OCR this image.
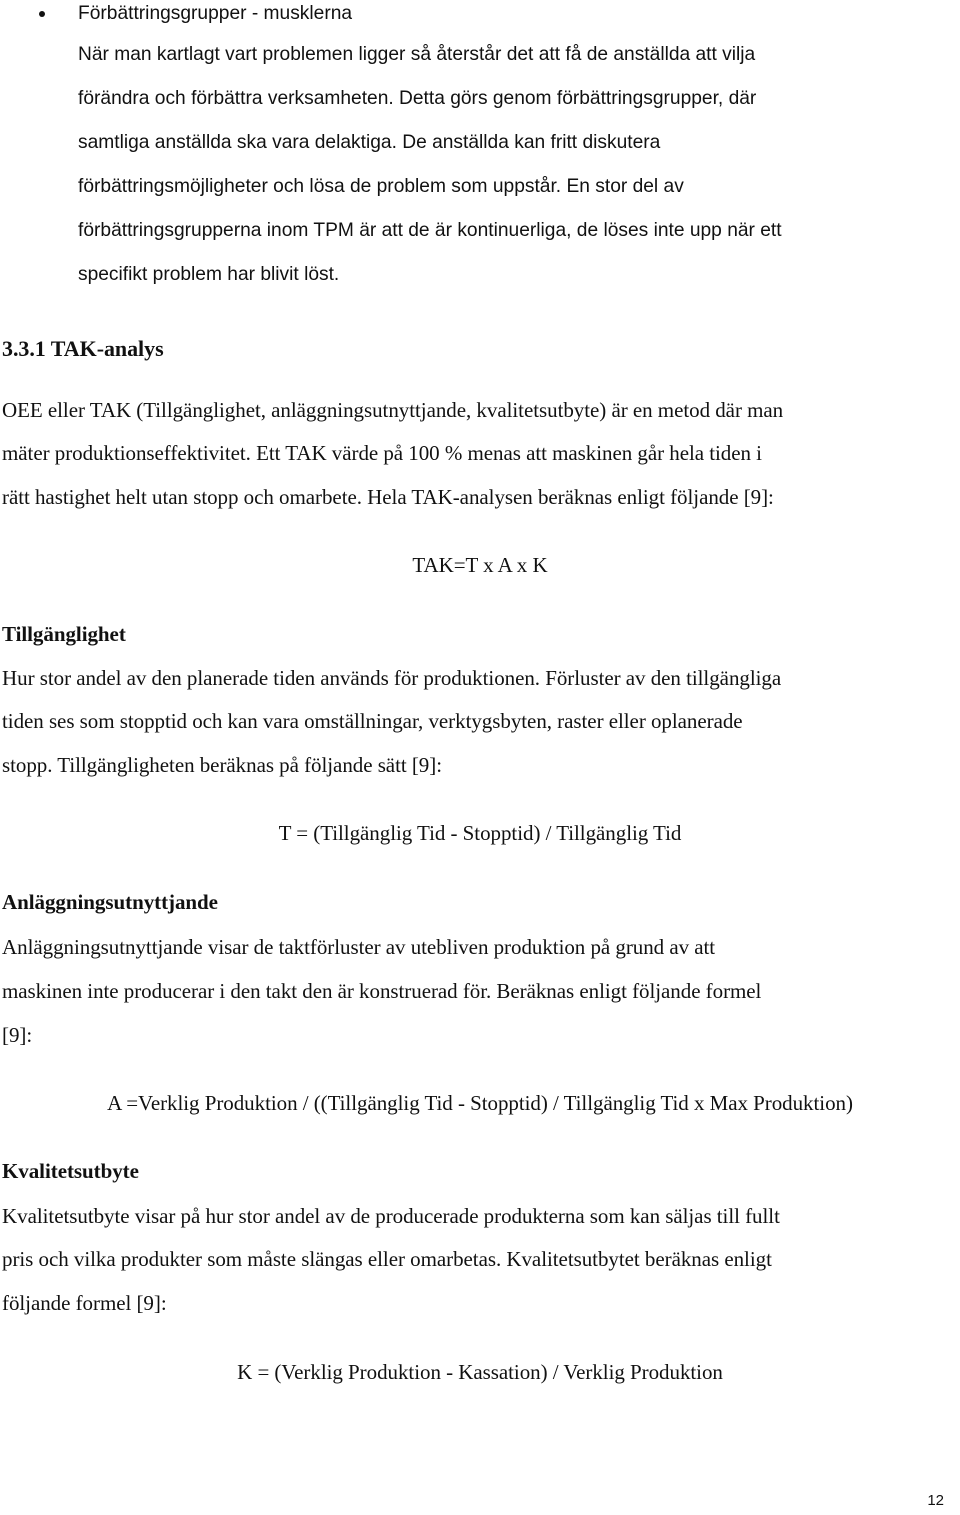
Förbättringsgrupper - musklerna
När man kartlagt vart problemen ligger så återstår det att få de anställda att vilja
förändra och förbättra verksamheten. Detta görs genom förbättringsgrupper, där
samtliga anställda ska vara delaktiga. De anställda kan fritt diskutera
förbättringsmöjligheter och lösa de problem som uppstår. En stor del av
förbättringsgrupperna inom TPM är att de är kontinuerliga, de löses inte upp när ett
specifikt problem har blivit löst.
3.3.1 TAK-analys
OEE eller TAK (Tillgänglighet, anläggningsutnyttjande, kvalitetsutbyte) är en metod där man
mäter produktionseffektivitet. Ett TAK värde på 100 % menas att maskinen går hela tiden i
rätt hastighet helt utan stopp och omarbete. Hela TAK-analysen beräknas enligt följande [9]:
TAK=T x A x K
Tillgänglighet
Hur stor andel av den planerade tiden används för produktionen. Förluster av den tillgängliga
tiden ses som stopptid och kan vara omställningar, verktygsbyten, raster eller oplanerade
stopp. Tillgängligheten beräknas på följande sätt [9]:
T = (Tillgänglig Tid - Stopptid) / Tillgänglig Tid
Anläggningsutnyttjande
Anläggningsutnyttjande visar de taktförluster av utebliven produktion på grund av att
maskinen inte producerar i den takt den är konstruerad för. Beräknas enligt följande formel
[9]:
A =Verklig Produktion / ((Tillgänglig Tid - Stopptid) / Tillgänglig Tid x Max Produktion)
Kvalitetsutbyte
Kvalitetsutbyte visar på hur stor andel av de producerade produkterna som kan säljas till fullt
pris och vilka produkter som måste slängas eller omarbetas. Kvalitetsutbytet beräknas enligt
följande formel [9]:
K = (Verklig Produktion - Kassation) / Verklig Produktion
12
